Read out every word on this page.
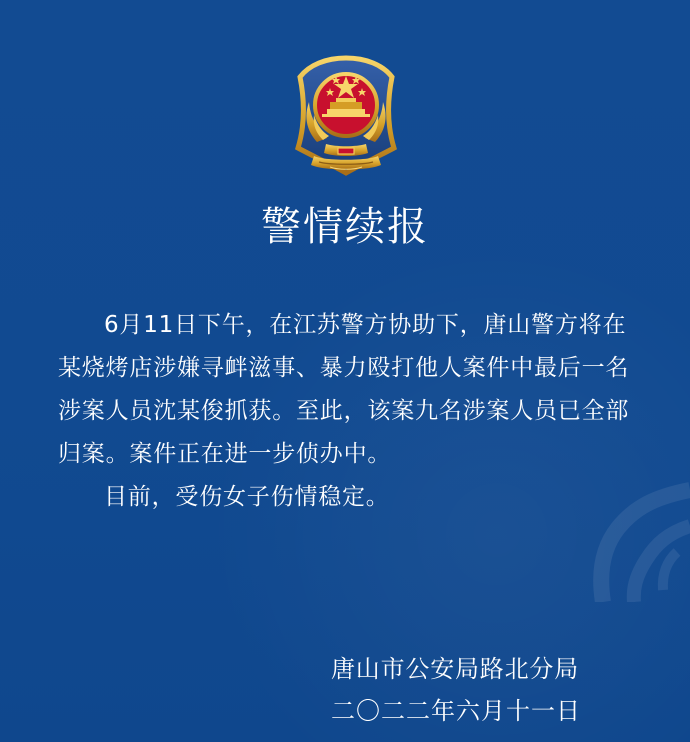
警情续报

6月11日下午，在江苏警方协助下，唐山警方将在某烧烤店涉嫌寻衅滋事、暴力殴打他人案件中最后一名涉案人员沈某俊抓获。至此，该案九名涉案人员已全部归案。案件正在进一步侦办中。

目前，受伤女子伤情稳定。

唐山市公安局路北分局
二〇二二年六月十一日
